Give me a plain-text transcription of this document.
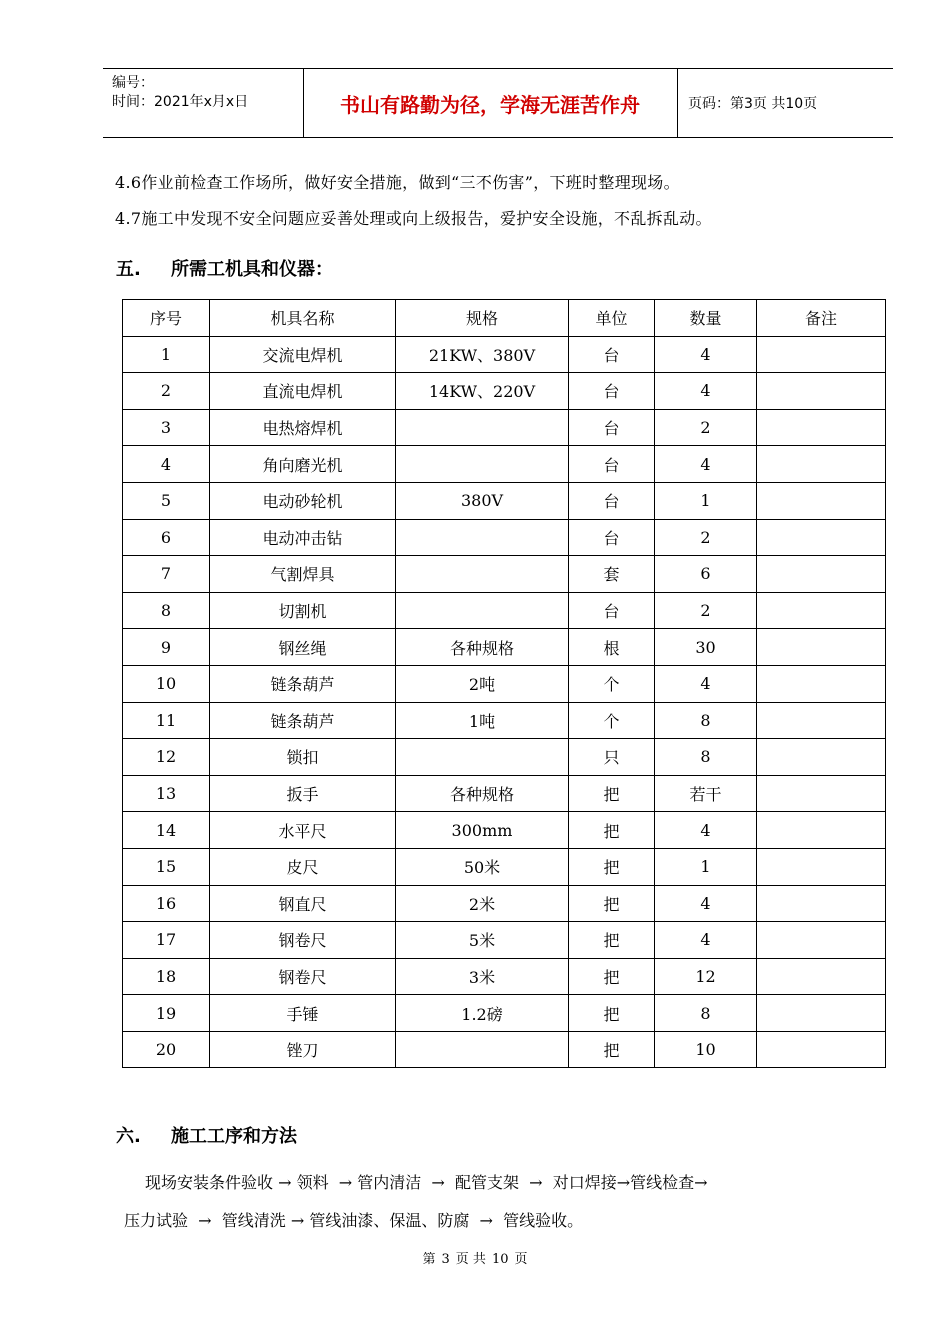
编号：
时间：2021年x月x日	书山有路勤为径，学海无涯苦作舟	页码：第3页 共10页
4.6作业前检查工作场所，做好安全措施，做到“三不伤害”，下班时整理现场。
4.7施工中发现不安全问题应妥善处理或向上级报告，爱护安全设施，不乱拆乱动。
五. 所需工机具和仪器：
序号	机具名称	规格	单位	数量	备注
1	交流电焊机	21KW、380V	台	4	
2	直流电焊机	14KW、220V	台	4	
3	电热熔焊机		台	2	
4	角向磨光机		台	4	
5	电动砂轮机	380V	台	1	
6	电动冲击钻		台	2	
7	气割焊具		套	6	
8	切割机		台	2	
9	钢丝绳	各种规格	根	30	
10	链条葫芦	2吨	个	4	
11	链条葫芦	1吨	个	8	
12	锁扣		只	8	
13	扳手	各种规格	把	若干	
14	水平尺	300mm	把	4	
15	皮尺	50米	把	1	
16	钢直尺	2米	把	4	
17	钢卷尺	5米	把	4	
18	钢卷尺	3米	把	12	
19	手锤	1.2磅	把	8	
20	锉刀		把	10	
六. 施工工序和方法
现场安装条件验收 → 领料  → 管内清洁  →  配管支架  →  对口焊接→管线检查→
压力试验  →  管线清洗 → 管线油漆、保温、防腐  →  管线验收。
第 3 页 共 10 页
